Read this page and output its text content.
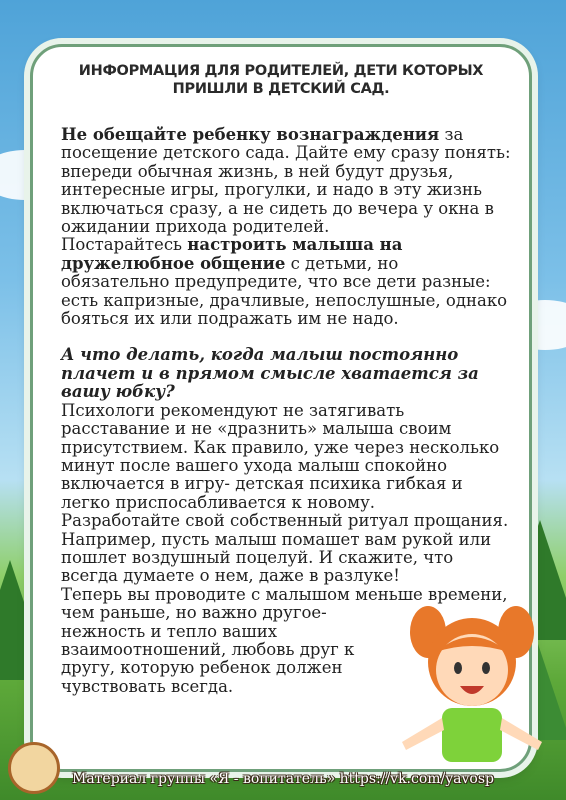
ИНФОРМАЦИЯ ДЛЯ РОДИТЕЛЕЙ, ДЕТИ КОТОРЫХ ПРИШЛИ В ДЕТСКИЙ САД.

Не обещайте ребенку вознаграждения за посещение детского сада. Дайте ему сразу понять: впереди обычная жизнь, в ней будут друзья, интересные игры, прогулки, и надо в эту жизнь включаться сразу, а не сидеть до вечера у окна в ожидании прихода родителей.

Постарайтесь настроить малыша на дружелюбное общение с детьми, но обязательно предупредите, что все дети разные: есть капризные, драчливые, непослушные, однако бояться их или подражать им не надо.

А что делать, когда малыш постоянно плачет и в прямом смысле хватается за вашу юбку?

Психологи рекомендуют не затягивать расставание и не «дразнить» малыша своим присутствием. Как правило, уже через несколько минут после вашего ухода малыш спокойно включается в игру- детская психика гибкая и легко приспосабливается к новому.

Разработайте свой собственный ритуал прощания. Например, пусть малыш помашет вам рукой или пошлет воздушный поцелуй. И скажите, что всегда думаете о нем, даже в разлуке!

Теперь вы проводите с малышом меньше времени, чем раньше, но важно другое-

нежность и тепло ваших взаимоотношений, любовь друг к другу, которую ребенок должен чувствовать всегда.

Материал группы «Я - вопитатель» https://vk.com/yavosp
